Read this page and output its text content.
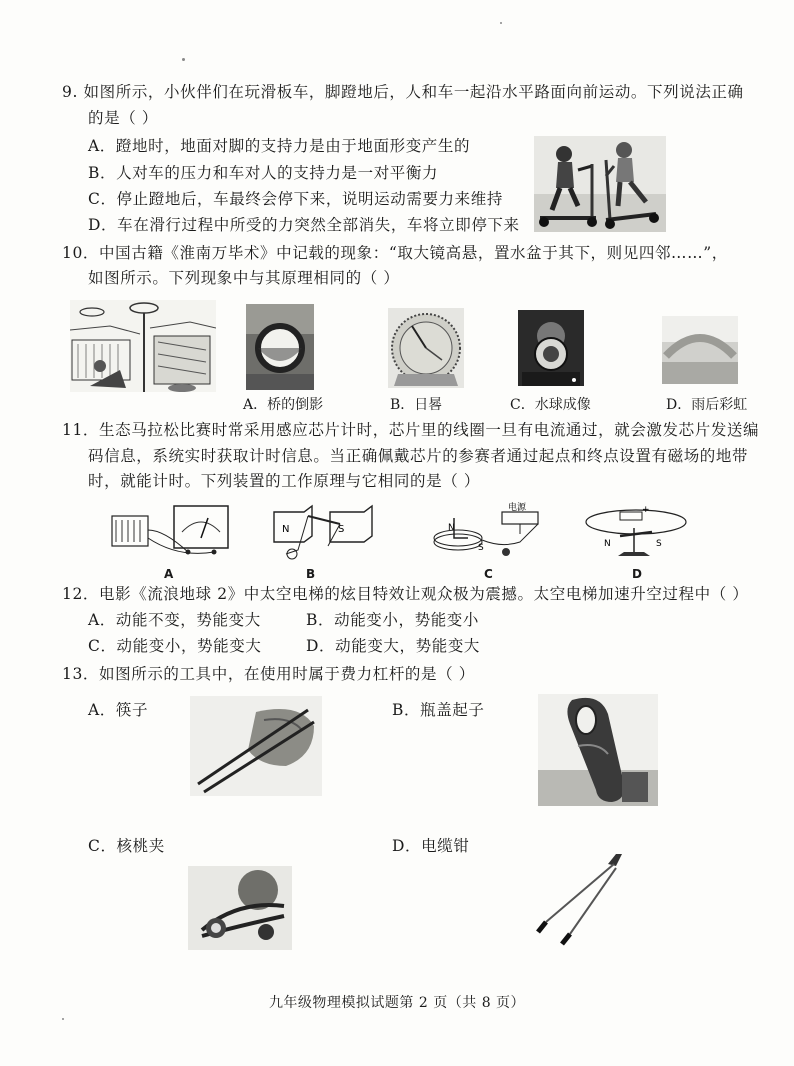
9. 如图所示，小伙伴们在玩滑板车，脚蹬地后，人和车一起沿水平路面向前运动。下列说法正确
的是（ ）
A．蹬地时，地面对脚的支持力是由于地面形变产生的
B．人对车的压力和车对人的支持力是一对平衡力
C．停止蹬地后，车最终会停下来，说明运动需要力来维持
D．车在滑行过程中所受的力突然全部消失，车将立即停下来
10．中国古籍《淮南万毕术》中记载的现象：“取大镜高悬，置水盆于其下，则见四邻……”，
如图所示。下列现象中与其原理相同的（ ）
A．桥的倒影	B．日晷	C．水球成像	D．雨后彩虹
11．生态马拉松比赛时常采用感应芯片计时，芯片里的线圈一旦有电流通过，就会激发芯片发送编
码信息，系统实时获取计时信息。当正确佩戴芯片的参赛者通过起点和终点设置有磁场的地带
时，就能计时。下列装置的工作原理与它相同的是（ ）
N	S
电源
N
S
+
N	S
A	B	C	D
12．电影《流浪地球 2》中太空电梯的炫目特效让观众极为震撼。太空电梯加速升空过程中（ ）
A．动能不变，势能变大	B．动能变小，势能变小
C．动能变小，势能变大	D．动能变大，势能变大
13．如图所示的工具中，在使用时属于费力杠杆的是（ ）
A．筷子	B．瓶盖起子
C．核桃夹	D．电缆钳
九年级物理模拟试题第 2 页（共 8 页）
